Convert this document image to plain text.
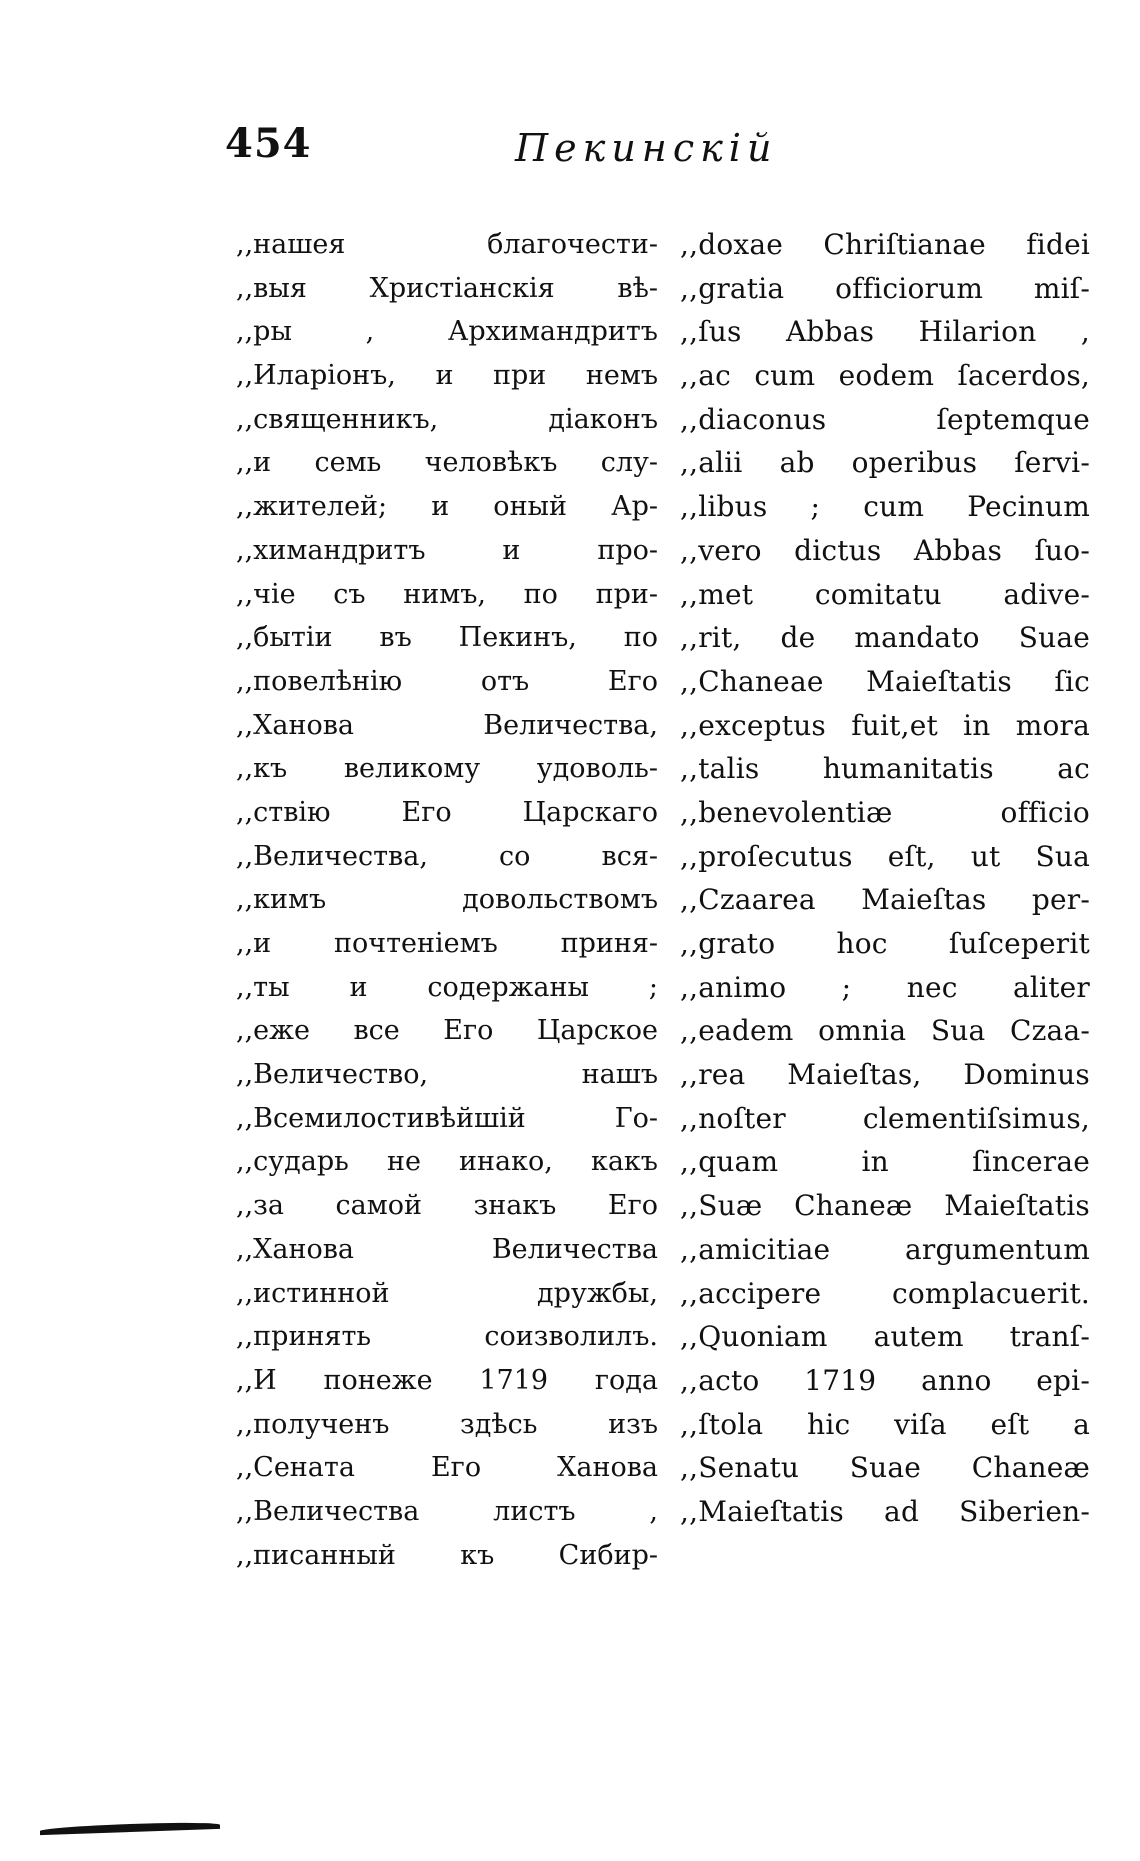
454	Пекинскій
,,нашея благочести-
,,выя Христіанскія вѣ-
,,ры , Архимандритъ
,,Иларіонъ, и при немъ
,,священникъ, діаконъ
,,и семь человѣкъ слу-
,,жителей; и оный Ар-
,,химандритъ и про-
,,чіе съ нимъ, по при-
,,бытіи въ Пекинъ, по
,,повелѣнію отъ Его
,,Ханова Величества,
,,къ великому удоволь-
,,ствію Его Царскаго
,,Величества, со вся-
,,кимъ довольствомъ
,,и почтеніемъ приня-
,,ты и содержаны ;
,,еже все Его Царское
,,Величество, нашъ
,,Всемилостивѣйшій Го-
,,сударь не инако, какъ
,,за самой знакъ Его
,,Ханова Величества
,,истинной дружбы,
,,принять соизволилъ.
,,И понеже 1719 года
,,полученъ здѣсь изъ
,,Сената Его Ханова
,,Величества листъ ,
,,писанный къ Сибир-
,,doxae Chriſtianae fidei
,,gratia officiorum miſ-
,,ſus Abbas Hilarion ,
,,ac cum eodem ſacerdos,
,,diaconus ſeptemque
,,alii ab operibus ſervi-
,,libus ; cum Pecinum
,,vero dictus Abbas ſuo-
,,met comitatu adive-
,,rit, de mandato Suae
,,Chaneae Maieſtatis ſic
,,exceptus fuit,et in mora
,,talis humanitatis ac
,,benevolentiæ officio
,,proſecutus eſt, ut Sua
,,Czaarea Maieſtas per-
,,grato hoc ſuſceperit
,,animo ; nec aliter
,,eadem omnia Sua Czaa-
,,rea Maieſtas, Dominus
,,noſter clementiſsimus,
,,quam in ſincerae
,,Suæ Chaneæ Maieſtatis
,,amicitiae argumentum
,,accipere complacuerit.
,,Quoniam autem tranſ-
,,acto 1719 anno epi-
,,ſtola hic viſa eſt a
,,Senatu Suae Chaneæ
,,Maieſtatis ad Siberien-
